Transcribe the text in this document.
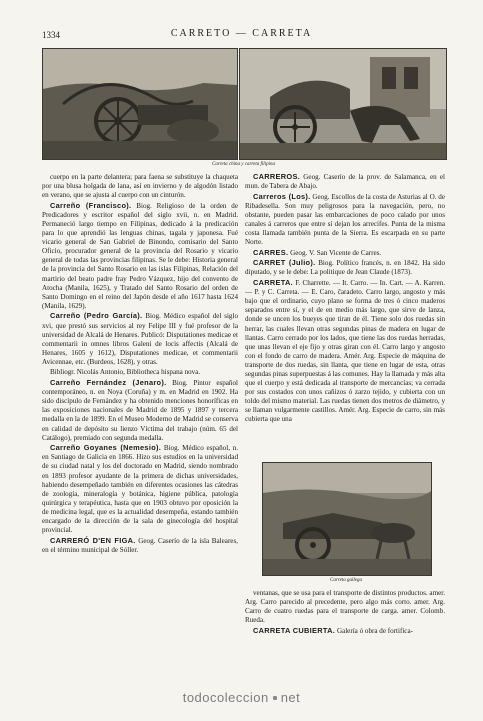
1334	CARRETO — CARRETA
Carreta china y carreta filipina

cuerpo en la parte delantera; para faena se substituye la chaqueta por una blusa holgada de lana, así en invierno y de algodón listado en verano, que se ajusta al cuerpo con un cinturón.

Carreño (Francisco). Biog. Religioso de la orden de Predicadores y escritor español del siglo xvii, n. en Madrid. Permaneció largo tiempo en Filipinas, dedicado á la predicación para lo que aprendió las lenguas chinas, tagala y japonesa. Fué vicario general de San Gabriel de Binondo, comisario del Santo Oficio, procurador general de la provincia del Rosario y vicario general de todas las provincias filipinas. Se le debe: Historia general de la provincia del Santo Rosario en las islas Filipinas, Relación del martirio del beato padre fray Pedro Vázquez, hijo del convento de Atocha (Manila, 1625), y Tratado del Santo Rosario del orden de Santo Domingo en el reino del Japón desde el año 1617 hasta 1624 (Manila, 1629).

Carreño (Pedro García). Biog. Médico español del siglo xvi, que prestó sus servicios al rey Felipe III y fué profesor de la universidad de Alcalá de Henares. Publicó: Disputationes medicae et commentarii in omnes libros Galeni de locis affectis (Alcalá de Henares, 1605 y 1612), Disputationes medicae, et commentarii Avicennae, etc. (Burdeos, 1628), y otras.

Bibliogr. Nicolás Antonio, Bibliotheca hispana nova.

Carreño Fernández (Jenaro). Biog. Pintor español contemporáneo, n. en Noya (Coruña) y m. en Madrid en 1902. Ha sido discípulo de Fernández y ha obtenido menciones honoríficas en las exposiciones nacionales de Madrid de 1895 y 1897 y tercera medalla en la de 1899. En el Museo Moderno de Madrid se conserva en calidad de depósito su lienzo Víctima del trabajo (núm. 65 del Catálogo), premiado con segunda medalla.

Carreño Goyanes (Nemesio). Biog. Médico español, n. en Santiago de Galicia en 1866. Hizo sus estudios en la universidad de su ciudad natal y los del doctorado en Madrid, siendo nombrado en 1893 profesor ayudante de la primera de dichas universidades, habiendo desempeñado también en diferentes ocasiones las cátedras de zoología, mineralogía y botánica, higiene pública, patología quirúrgica y terapéutica, hasta que en 1903 obtuvo por oposición la de medicina legal, que es la actualidad desempeña, estando también encargado de la dirección de la sala de ginecología del hospital provincial.

CARRERÓ D'EN FIGA. Geog. Caserío de la isla Baleares, en el término municipal de Sóller.

CARREROS. Geog. Caserío de la prov. de Salamanca, en el mun. de Tabera de Abajo.

Carreros (Los). Geog. Escollos de la costa de Asturias al O. de Ribadesella. Son muy peligrosos para la navegación, pero, no obstante, pueden pasar las embarcaciones de poco calado por unos canales á carreros que entre sí dejan los arrecifes. Punta de la misma costa llamada también punta de la Sierra. Es escarpada en su parte Norte.

CARRES. Geog. V. San Vicente de Carres.

CARRET (Julio). Biog. Político francés, n. en 1842. Ha sido diputado, y se le debe: La politique de Jean Claude (1873).

CARRETA. F. Charrette. — It. Carro. — In. Cart. — A. Karren. — P. y C. Carreta. — E. Caro, ĉaradeto. Carro largo, angosto y más bajo que el ordinario, cuyo plano se forma de tres ó cinco maderos separados entre sí, y el de en medio más largo, que sirve de lanza, donde se uncen los bueyes que tiran de él. Tiene solo dos ruedas sin herrar, las cuales llevan otras segundas pinas de madera en lugar de llantas. Carro cerrado por los lados, que tiene las dos ruedas herradas, que unas llevan el eje fijo y otras giran con él. Carro largo y angosto con el fondo de carro de madera. Amér. Arg. Especie de máquina de transporte de dos ruedas, sin llanta, que tiene en lugar de esta, otras segundas pinas superpuestas á las comunes. Hay la llamada y más alta que el cuerpo y está dedicada al transporte de mercancías; va cerrada por sus costados con unos cañizos ó zarzo tejido, y cubierta con un toldo del mismo material. Las ruedas tienen dos metros de diámetro, y se llaman vulgarmente castillos. Amér. Arg. Especie de carro, sin más cubierta que una

Carreta gallega

ventanas, que se usa para el transporte de distintos productos. amer. Arg. Carro parecido al precedente, pero algo más corto. amer. Arg. Carro de cuatro ruedas para el transporte de carga. amer. Colomb. Rueda.

CARRETA CUBIERTA. Galería ó obra de fortifica-

todocoleccion net
